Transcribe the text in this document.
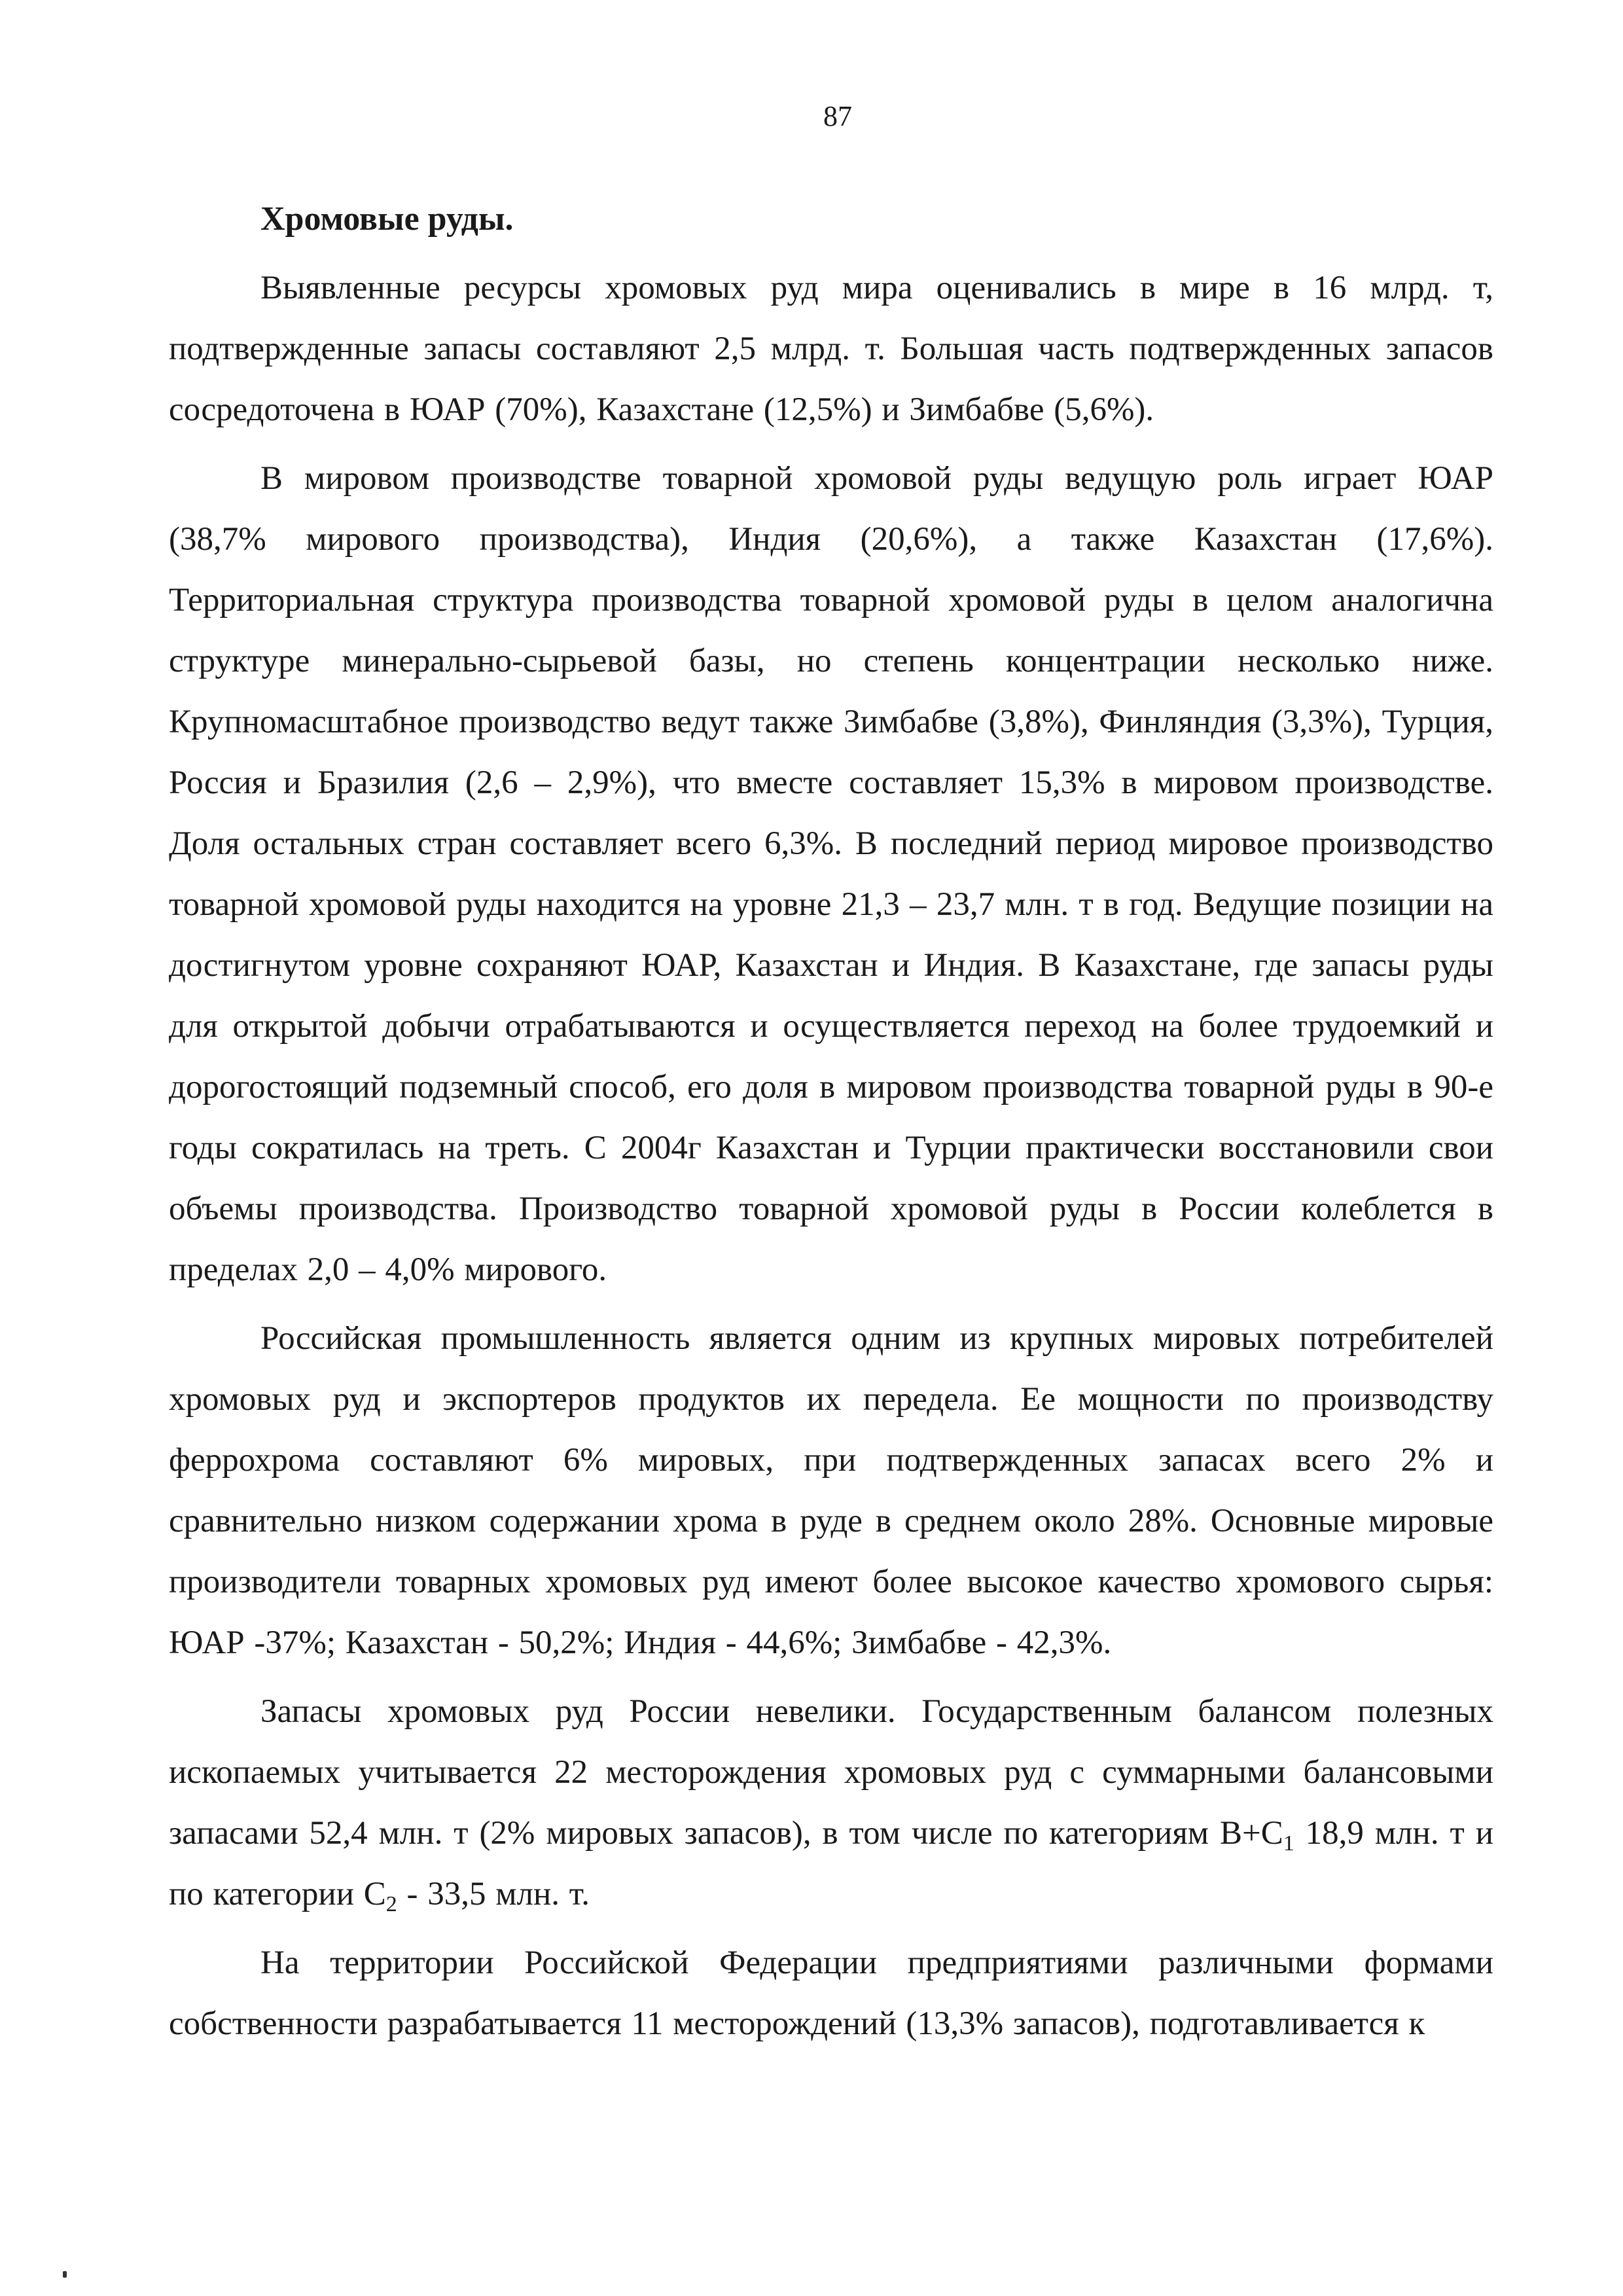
87
Хромовые руды.

Выявленные ресурсы хромовых руд мира оценивались в мире в 16 млрд. т, подтвержденные запасы составляют 2,5 млрд. т. Большая часть подтвержденных запасов сосредоточена в ЮАР (70%), Казахстане (12,5%) и Зимбабве (5,6%).

В мировом производстве товарной хромовой руды ведущую роль играет ЮАР (38,7% мирового производства), Индия (20,6%), а также Казахстан (17,6%). Территориальная структура производства товарной хромовой руды в целом аналогична структуре минерально-сырьевой базы, но степень концентрации несколько ниже. Крупномасштабное производство ведут также Зимбабве (3,8%), Финляндия (3,3%), Турция, Россия и Бразилия (2,6 – 2,9%), что вместе составляет 15,3% в мировом производстве. Доля остальных стран составляет всего 6,3%. В последний период мировое производство товарной хромовой руды находится на уровне 21,3 – 23,7 млн. т в год. Ведущие позиции на достигнутом уровне сохраняют ЮАР, Казахстан и Индия. В Казахстане, где запасы руды для открытой добычи отрабатываются и осуществляется переход на более трудоемкий и дорогостоящий подземный способ, его доля в мировом производства товарной руды в 90-е годы сократилась на треть. С 2004г Казахстан и Турции практически восстановили свои объемы производства. Производство товарной хромовой руды в России колеблется в пределах 2,0 – 4,0% мирового.

Российская промышленность является одним из крупных мировых потребителей хромовых руд и экспортеров продуктов их передела. Ее мощности по производству феррохрома составляют 6% мировых, при подтвержденных запасах всего 2% и сравнительно низком содержании хрома в руде в среднем около 28%. Основные мировые производители товарных хромовых руд имеют более высокое качество хромового сырья: ЮАР -37%; Казахстан - 50,2%; Индия - 44,6%; Зимбабве - 42,3%.

Запасы хромовых руд России невелики. Государственным балансом полезных ископаемых учитывается 22 месторождения хромовых руд с суммарными балансовыми запасами 52,4 млн. т (2% мировых запасов), в том числе по категориям $B+C_1$ 18,9 млн. т и по категории $С_2 - 33,5$ млн. т.

На территории Российской Федерации предприятиями различными формами собственности разрабатывается 11 месторождений (13,3% запасов), подготавливается к
